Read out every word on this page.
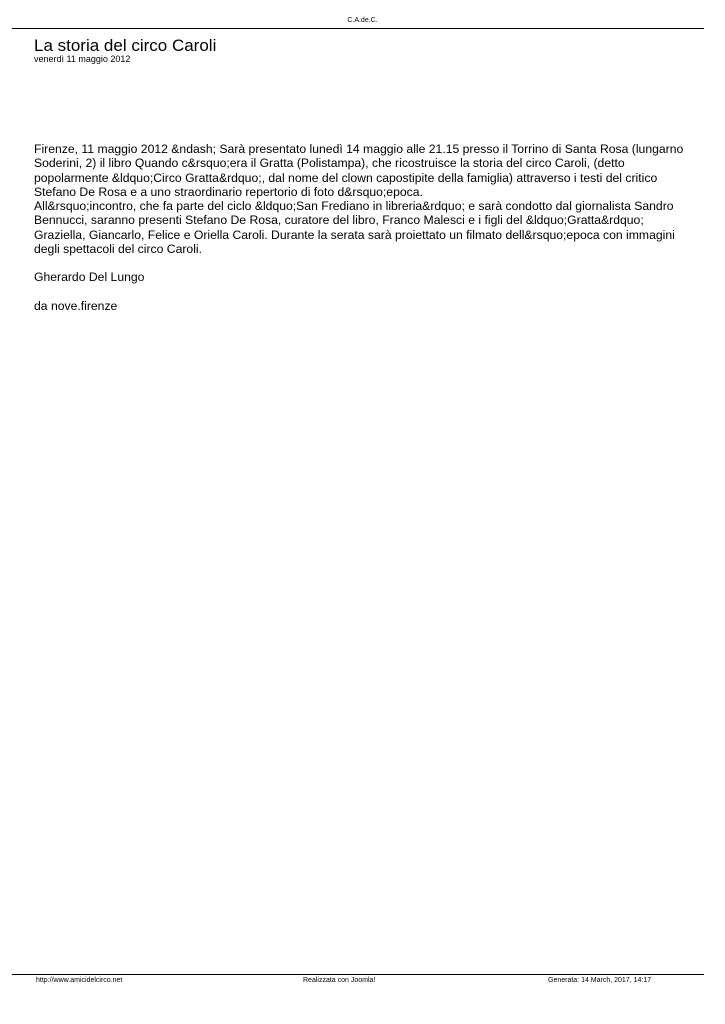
C.A.de.C.
La storia del circo Caroli
venerdì 11 maggio 2012

Firenze, 11 maggio 2012 &ndash; Sarà presentato lunedì 14 maggio alle 21.15 presso il Torrino di Santa Rosa (lungarno Soderini, 2) il libro Quando c&rsquo;era il Gratta (Polistampa), che ricostruisce la storia del circo Caroli, (detto popolarmente &ldquo;Circo Gratta&rdquo;, dal nome del clown capostipite della famiglia) attraverso i testi del critico Stefano De Rosa e a uno straordinario repertorio di foto d&rsquo;epoca.

All&rsquo;incontro, che fa parte del ciclo &ldquo;San Frediano in libreria&rdquo; e sarà condotto dal giornalista Sandro Bennucci, saranno presenti Stefano De Rosa, curatore del libro, Franco Malesci e i figli del &ldquo;Gratta&rdquo; Graziella, Giancarlo, Felice e Oriella Caroli. Durante la serata sarà proiettato un filmato dell&rsquo;epoca con immagini degli spettacoli del circo Caroli.

Gherardo Del Lungo

da nove.firenze

http://www.amicidelcirco.net	Realizzata con Joomla!	Generata: 14 March, 2017, 14:17
